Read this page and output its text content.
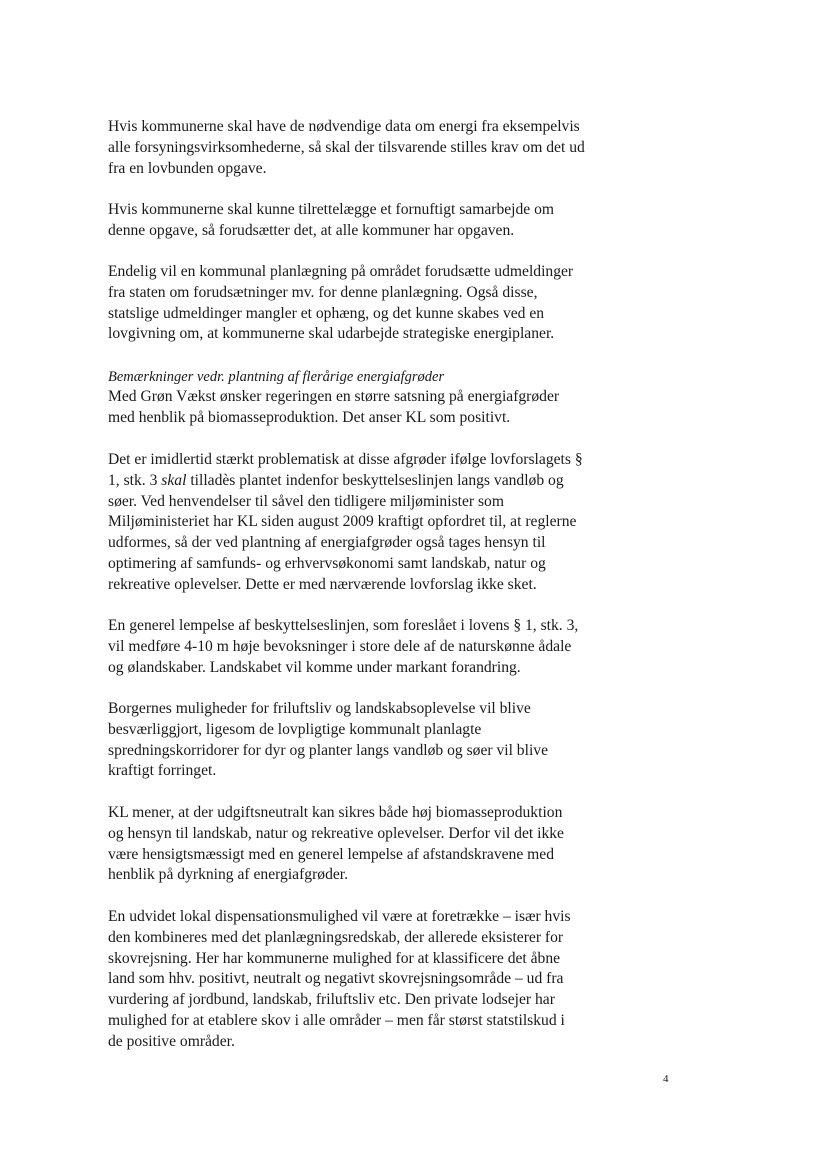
Hvis kommunerne skal have de nødvendige data om energi fra eksempelvis
alle forsyningsvirksomhederne, så skal der tilsvarende stilles krav om det ud
fra en lovbunden opgave.

Hvis kommunerne skal kunne tilrettelægge et fornuftigt samarbejde om
denne opgave, så forudsætter det, at alle kommuner har opgaven.

Endelig vil en kommunal planlægning på området forudsætte udmeldinger
fra staten om forudsætninger mv. for denne planlægning. Også disse,
statslige udmeldinger mangler et ophæng, og det kunne skabes ved en
lovgivning om, at kommunerne skal udarbejde strategiske energiplaner.

Bemærkninger vedr. plantning af flerårige energiafgrøder

Med Grøn Vækst ønsker regeringen en større satsning på energiafgrøder
med henblik på biomasseproduktion. Det anser KL som positivt.

Det er imidlertid stærkt problematisk at disse afgrøder ifølge lovforslagets §
1, stk. 3 skal tilladès plantet indenfor beskyttelseslinjen langs vandløb og
søer. Ved henvendelser til såvel den tidligere miljøminister som
Miljøministeriet har KL siden august 2009 kraftigt opfordret til, at reglerne
udformes, så der ved plantning af energiafgrøder også tages hensyn til
optimering af samfunds- og erhvervsøkonomi samt landskab, natur og
rekreative oplevelser. Dette er med nærværende lovforslag ikke sket.

En generel lempelse af beskyttelseslinjen, som foreslået i lovens § 1, stk. 3,
vil medføre 4-10 m høje bevoksninger i store dele af de naturskønne ådale
og ølandskaber. Landskabet vil komme under markant forandring.

Borgernes muligheder for friluftsliv og landskabsoplevelse vil blive
besværliggjort, ligesom de lovpligtige kommunalt planlagte
spredningskorridorer for dyr og planter langs vandløb og søer vil blive
kraftigt forringet.

KL mener, at der udgiftsneutralt kan sikres både høj biomasseproduktion
og hensyn til landskab, natur og rekreative oplevelser. Derfor vil det ikke
være hensigtsmæssigt med en generel lempelse af afstandskravene med
henblik på dyrkning af energiafgrøder.

En udvidet lokal dispensationsmulighed vil være at foretrække – især hvis
den kombineres med det planlægningsredskab, der allerede eksisterer for
skovrejsning. Her har kommunerne mulighed for at klassificere det åbne
land som hhv. positivt, neutralt og negativt skovrejsningsområde – ud fra
vurdering af jordbund, landskab, friluftsliv etc. Den private lodsejer har
mulighed for at etablere skov i alle områder – men får størst statstilskud i
de positive områder.

4
